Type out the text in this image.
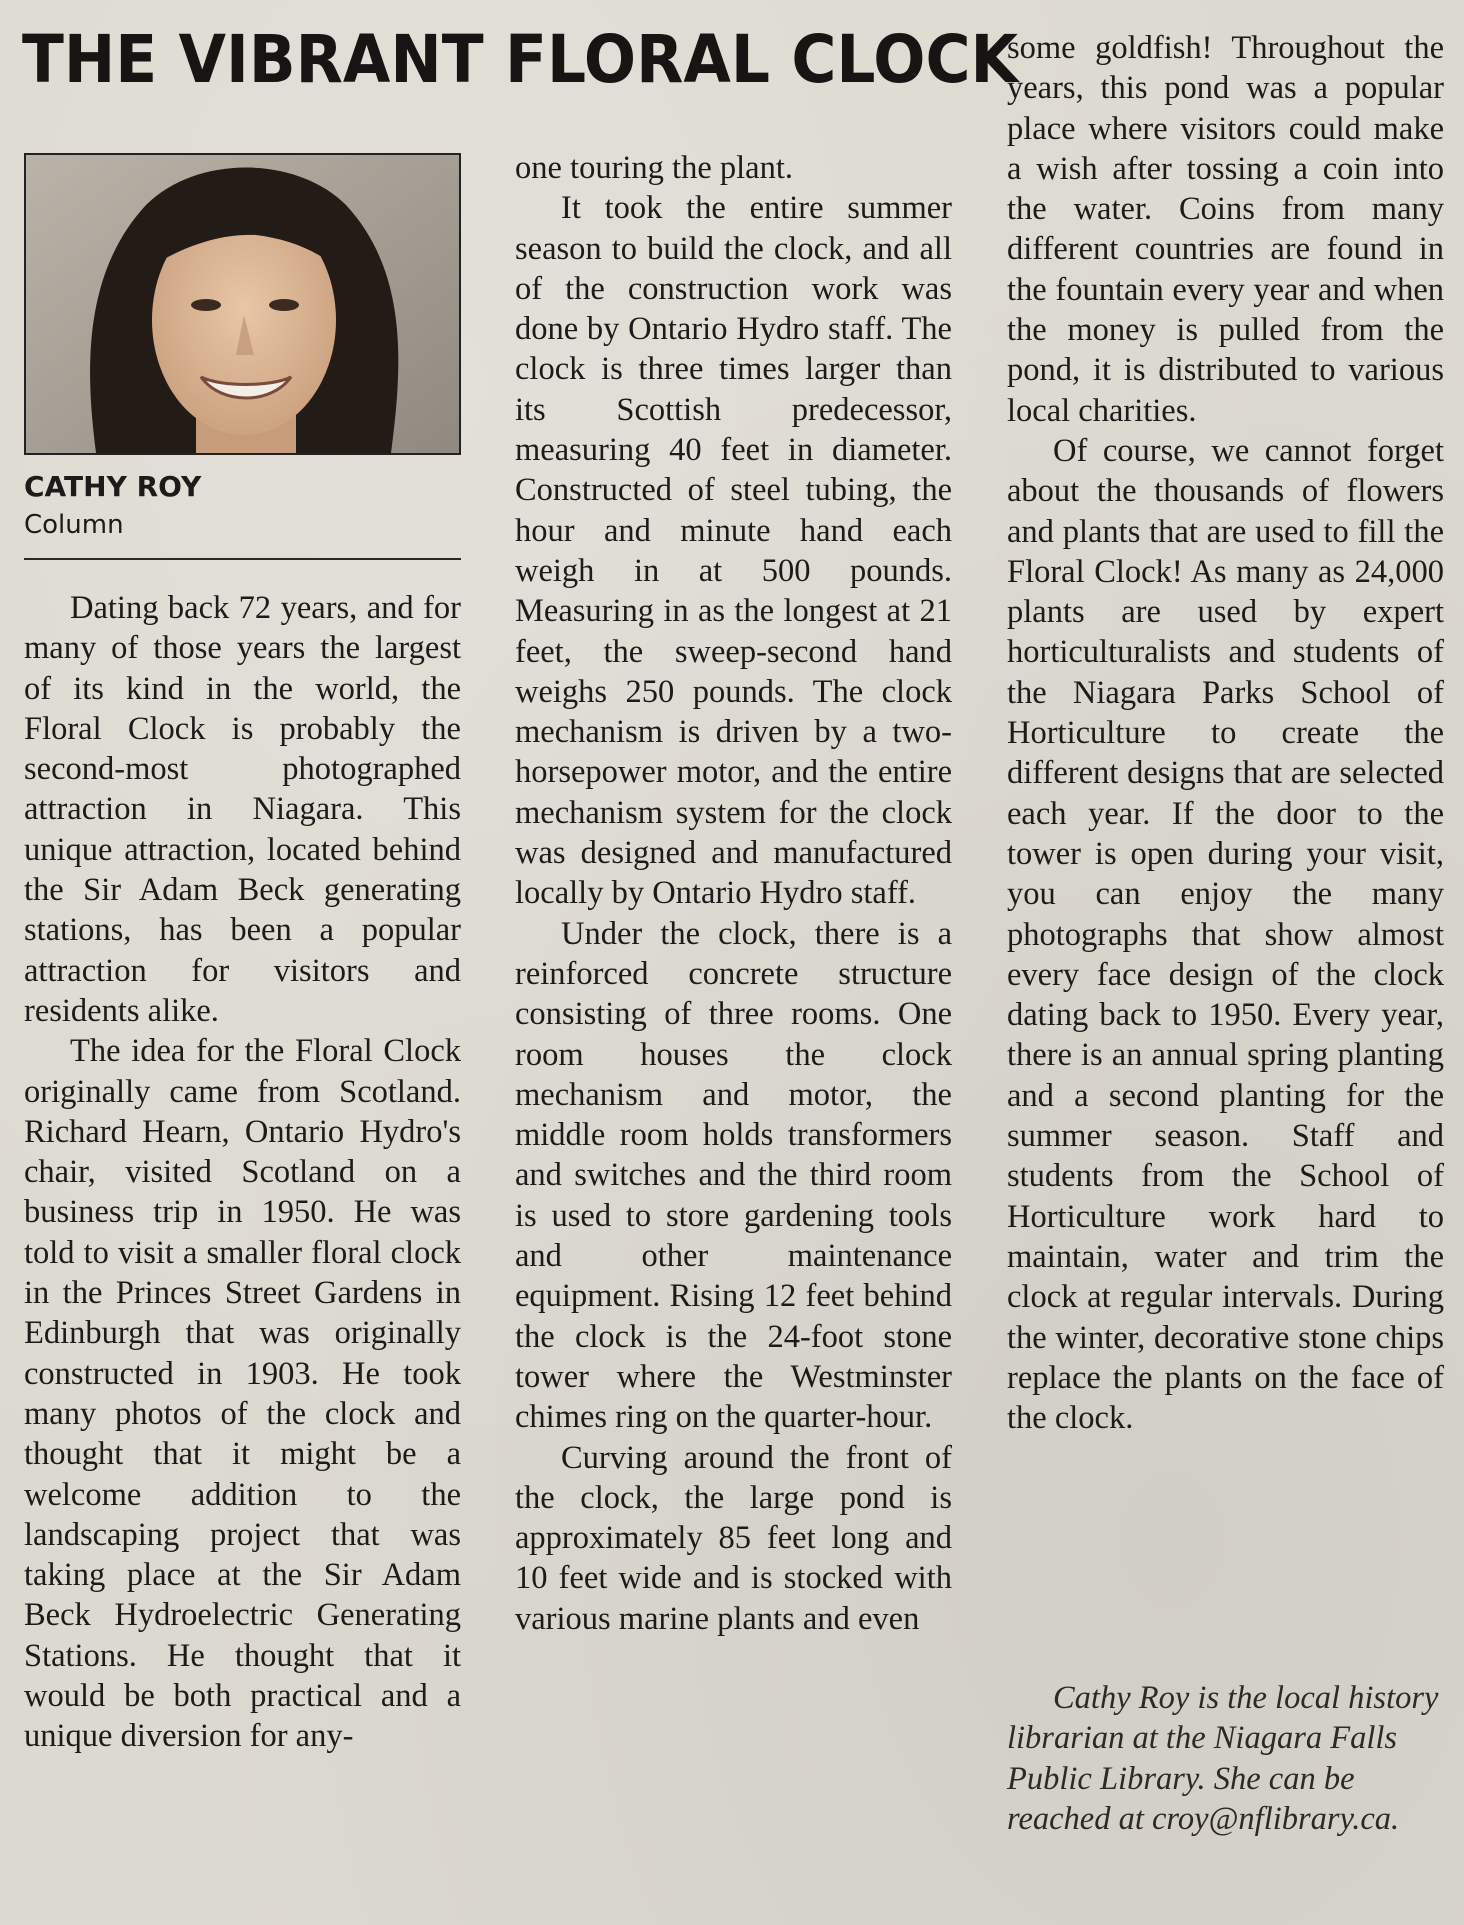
THE VIBRANT FLORAL CLOCK
CATHY ROY
Column

Dating back 72 years, and for many of those years the largest of its kind in the world, the Floral Clock is probably the second-most photographed attraction in Niagara. This unique attraction, located behind the Sir Adam Beck generating stations, has been a popular attraction for visitors and residents alike.

The idea for the Floral Clock originally came from Scotland. Richard Hearn, Ontario Hydro's chair, visited Scotland on a business trip in 1950. He was told to visit a smaller floral clock in the Princes Street Gardens in Edinburgh that was originally constructed in 1903. He took many photos of the clock and thought that it might be a welcome addition to the landscaping project that was taking place at the Sir Adam Beck Hydroelectric Generating Stations. He thought that it would be both practical and a unique diversion for any-

one touring the plant.

It took the entire summer season to build the clock, and all of the construction work was done by Ontario Hydro staff. The clock is three times larger than its Scottish predecessor, measuring 40 feet in diameter. Constructed of steel tubing, the hour and minute hand each weigh in at 500 pounds. Measuring in as the longest at 21 feet, the sweep-second hand weighs 250 pounds. The clock mechanism is driven by a two-horsepower motor, and the entire mechanism system for the clock was designed and manufactured locally by Ontario Hydro staff.

Under the clock, there is a reinforced concrete structure consisting of three rooms. One room houses the clock mechanism and motor, the middle room holds transformers and switches and the third room is used to store gardening tools and other maintenance equipment. Rising 12 feet behind the clock is the 24-foot stone tower where the Westminster chimes ring on the quarter-hour.

Curving around the front of the clock, the large pond is approximately 85 feet long and 10 feet wide and is stocked with various marine plants and even

some goldfish! Throughout the years, this pond was a popular place where visitors could make a wish after tossing a coin into the water. Coins from many different countries are found in the fountain every year and when the money is pulled from the pond, it is distributed to various local charities.

Of course, we cannot forget about the thousands of flowers and plants that are used to fill the Floral Clock! As many as 24,000 plants are used by expert horticulturalists and students of the Niagara Parks School of Horticulture to create the different designs that are selected each year. If the door to the tower is open during your visit, you can enjoy the many photographs that show almost every face design of the clock dating back to 1950. Every year, there is an annual spring planting and a second planting for the summer season. Staff and students from the School of Horticulture work hard to maintain, water and trim the clock at regular intervals. During the winter, decorative stone chips replace the plants on the face of the clock.

Cathy Roy is the local history librarian at the Niagara Falls Public Library. She can be reached at croy@nflibrary.ca.
